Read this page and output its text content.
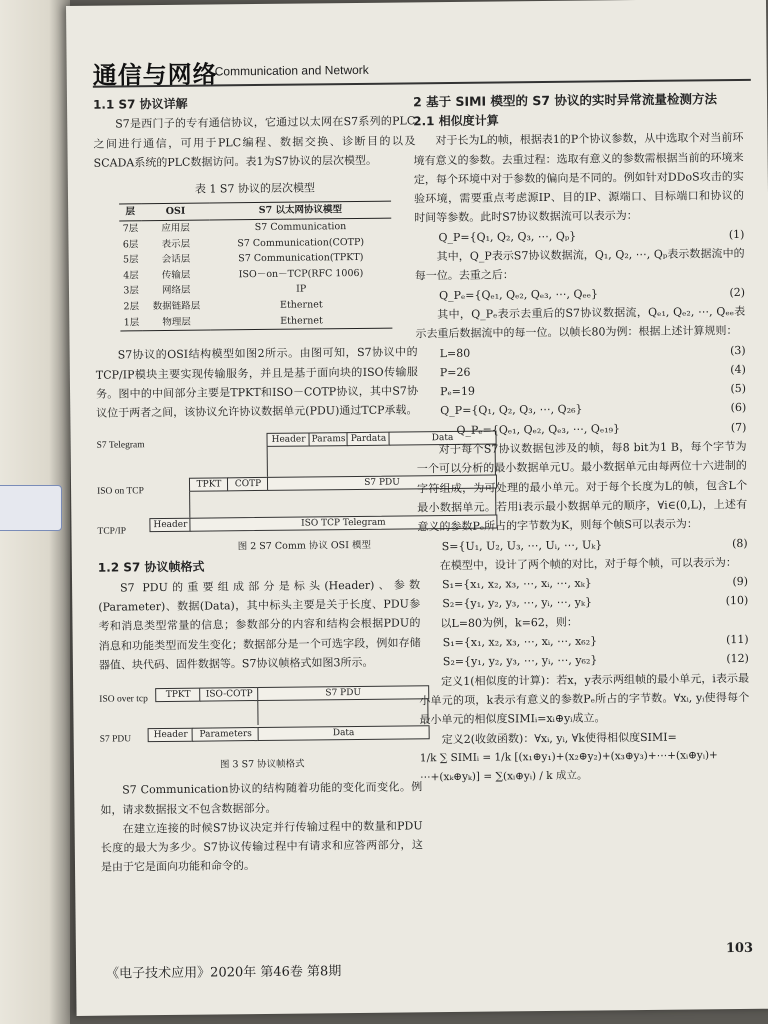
通信与网络
Communication and Network
1.1 S7 协议详解

S7是西门子的专有通信协议，它通过以太网在S7系列的PLC之间进行通信，可用于PLC编程、数据交换、诊断目的以及SCADA系统的PLC数据访问。表1为S7协议的层次模型。

表 1 S7 协议的层次模型
层	OSI	S7 以太网协议模型
7层	应用层	S7 Communication
6层	表示层	S7 Communication(COTP)
5层	会话层	S7 Communication(TPKT)
4层	传输层	ISO－on－TCP(RFC 1006)
3层	网络层	IP
2层	数据链路层	Ethernet
1层	物理层	Ethernet

S7协议的OSI结构模型如图2所示。由图可知，S7协议中的TCP/IP模块主要实现传输服务，并且是基于面向块的ISO传输服务。图中的中间部分主要是TPKT和ISO－COTP协议，其中S7协议位于两者之间，该协议允许协议数据单元(PDU)通过TCP承载。

S7 Telegram
ISO on TCP
TCP/IP
Header Params Pardata	Data
TPKT	COTP	S7 PDU
Header	ISO TCP Telegram
图 2 S7 Comm 协议 OSI 模型
1.2 S7 协议帧格式

S7 PDU的重要组成部分是标头(Header)、参数(Parameter)、数据(Data)，其中标头主要是关于长度、PDU参考和消息类型常量的信息；参数部分的内容和结构会根据PDU的消息和功能类型而发生变化；数据部分是一个可选字段，例如存储器值、块代码、固件数据等。S7协议帧格式如图3所示。

ISO over tcp
S7 PDU
TPKT	ISO-COTP	S7 PDU
Header	Parameters	Data
图 3 S7 协议帧格式

S7 Communication协议的结构随着功能的变化而变化。例如，请求数据报文不包含数据部分。

在建立连接的时候S7协议决定并行传输过程中的数量和PDU长度的最大为多少。S7协议传输过程中有请求和应答两部分，这是由于它是面向功能和命令的。

2 基于 SIMI 模型的 S7 协议的实时异常流量检测方法
2.1 相似度计算

对于长为L的帧，根据表1的P个协议参数，从中选取个对当前环境有意义的参数。去重过程：选取有意义的参数需根据当前的环境来定，每个环境中对于参数的偏向是不同的。例如针对DDoS攻击的实验环境，需要重点考虑源IP、目的IP、源端口、目标端口和协议的时间等参数。此时S7协议数据流可以表示为：

Q_P={Q₁, Q₂, Q₃, ⋯, Qₚ}	(1)

其中，Q_P表示S7协议数据流，Q₁, Q₂, ⋯, Qₚ表示数据流中的每一位。去重之后：

Q_Pₑ={Qₑ₁, Qₑ₂, Qₑ₃, ⋯, Qₑₑ}	(2)

其中，Q_Pₑ表示去重后的S7协议数据流，Qₑ₁, Qₑ₂, ⋯, Qₑₑ表示去重后数据流中的每一位。以帧长80为例：根据上述计算规则：

L=80	(3)
P=26	(4)
Pₑ=19	(5)
Q_P={Q₁, Q₂, Q₃, ⋯, Q₂₆}	(6)
Q_Pₑ={Qₑ₁, Qₑ₂, Qₑ₃, ⋯, Qₑ₁₉}	(7)

对于每个S7协议数据包涉及的帧，每8 bit为1 B，每个字节为一个可以分析的最小数据单元U。最小数据单元由每两位十六进制的字符组成，为可处理的最小单元。对于每个长度为L的帧，包含L个最小数据单元。若用i表示最小数据单元的顺序，∀i∈(0,L)，上述有意义的参数Pₑ所占的字节数为K，则每个帧S可以表示为：

S={U₁, U₂, U₃, ⋯, Uᵢ, ⋯, Uₖ}	(8)

在模型中，设计了两个帧的对比，对于每个帧，可以表示为：

S₁={x₁, x₂, x₃, ⋯, xᵢ, ⋯, xₖ}	(9)
S₂={y₁, y₂, y₃, ⋯, yᵢ, ⋯, yₖ}	(10)

以L=80为例，k=62，则：

S₁={x₁, x₂, x₃, ⋯, xᵢ, ⋯, x₆₂}	(11)
S₂={y₁, y₂, y₃, ⋯, yᵢ, ⋯, y₆₂}	(12)

定义1(相似度的计算)：若x，y表示两组帧的最小单元，i表示最小单元的项，k表示有意义的参数Pₑ所占的字节数。∀xᵢ, yᵢ使得每个最小单元的相似度SIMIᵢ=xᵢ⊕yᵢ成立。

定义2(收敛函数)：∀xᵢ, yᵢ, ∀k使得相似度SIMI=

1/k ∑ SIMIᵢ = 1/k [(x₁⊕y₁)+(x₂⊕y₂)+(x₃⊕y₃)+⋯+(xᵢ⊕yᵢ)+
⋯+(xₖ⊕yₖ)] = ∑(xᵢ⊕yᵢ) / k 成立。
《电子技术应用》2020年 第46卷 第8期
103
